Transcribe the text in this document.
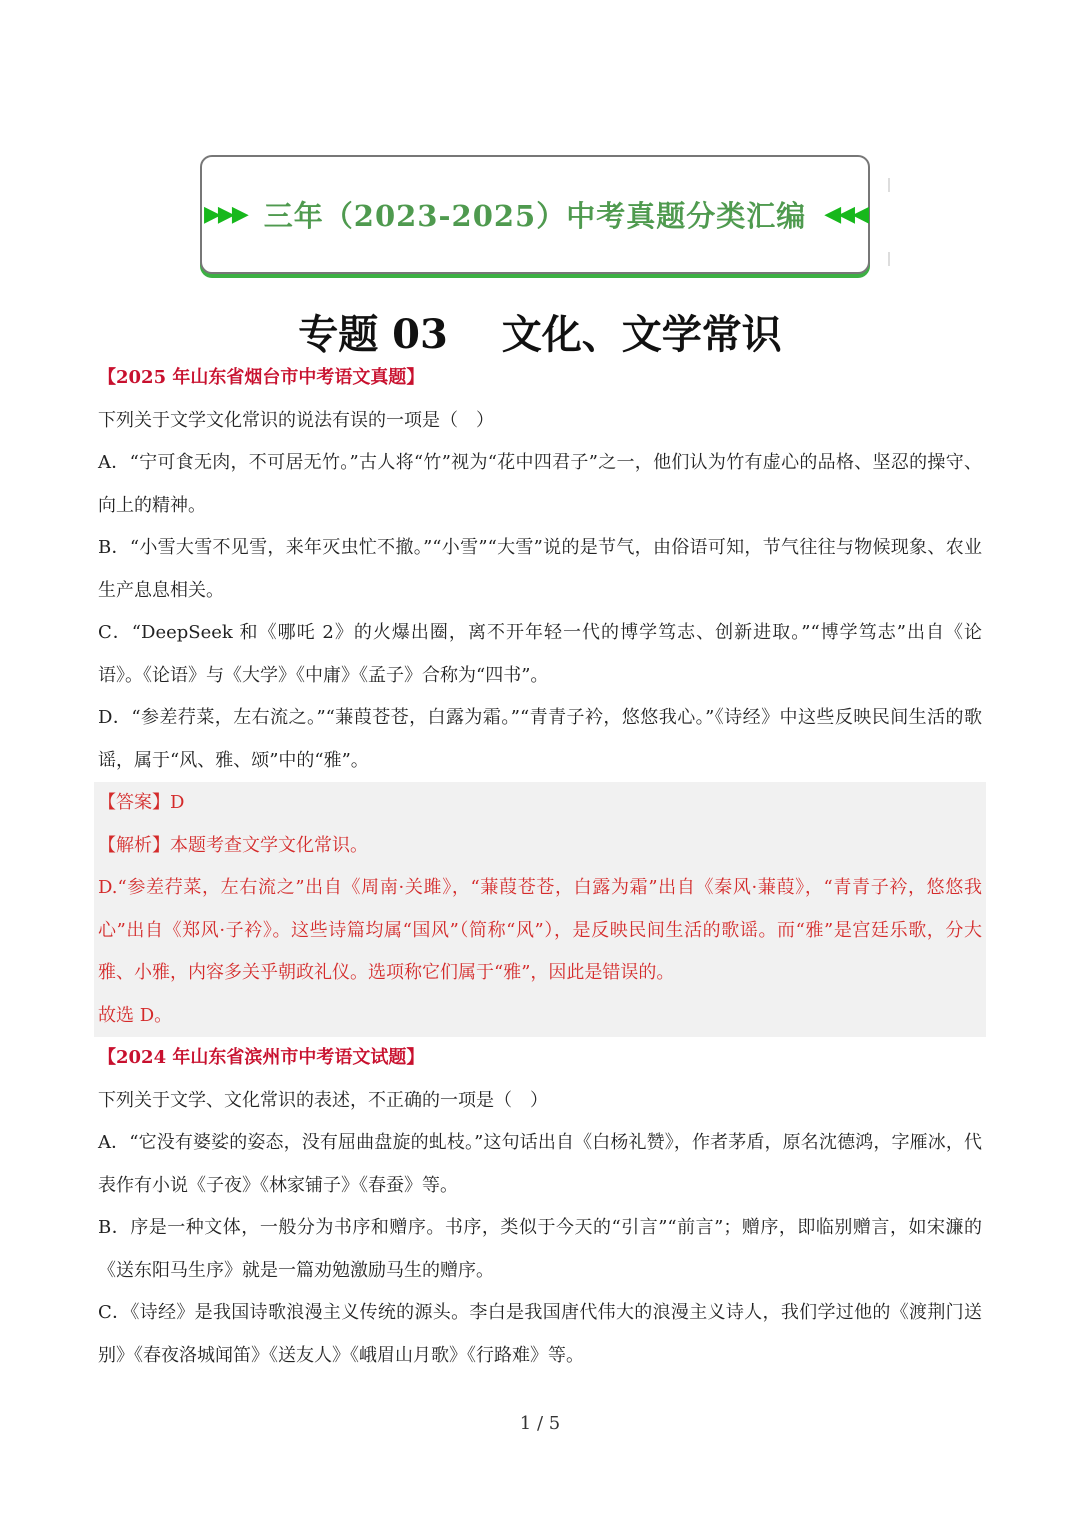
▶▶▶ 三年（2023-2025）中考真题分类汇编 ◀◀◀
专题 03　 文化、文学常识

【2025 年山东省烟台市中考语文真题】

下列关于文学文化常识的说法有误的一项是（　）

A．“宁可食无肉，不可居无竹。”古人将“竹”视为“花中四君子”之一，他们认为竹有虚心的品格、坚忍的操守、向上的精神。

B．“小雪大雪不见雪，来年灭虫忙不撤。”“小雪”“大雪”说的是节气，由俗语可知，节气往往与物候现象、农业生产息息相关。

C．“DeepSeek 和《哪吒 2》的火爆出圈，离不开年轻一代的博学笃志、创新进取。”“博学笃志”出自《论语》。《论语》与《大学》《中庸》《孟子》合称为“四书”。

D．“参差荇菜，左右流之。”“蒹葭苍苍，白露为霜。”“青青子衿，悠悠我心。”《诗经》中这些反映民间生活的歌谣，属于“风、雅、颂”中的“雅”。

【答案】D

【解析】本题考查文学文化常识。

D.“参差荇菜，左右流之”出自《周南·关雎》，“蒹葭苍苍，白露为霜”出自《秦风·蒹葭》，“青青子衿，悠悠我心”出自《郑风·子衿》。这些诗篇均属“国风”（简称“风”），是反映民间生活的歌谣。而“雅”是宫廷乐歌，分大雅、小雅，内容多关乎朝政礼仪。选项称它们属于“雅”，因此是错误的。

故选 D。

【2024 年山东省滨州市中考语文试题】

下列关于文学、文化常识的表述，不正确的一项是（　）

A．“它没有婆娑的姿态，没有屈曲盘旋的虬枝。”这句话出自《白杨礼赞》，作者茅盾，原名沈德鸿，字雁冰，代表作有小说《子夜》《林家铺子》《春蚕》等。

B．序是一种文体，一般分为书序和赠序。书序，类似于今天的“引言”“前言”；赠序，即临别赠言，如宋濂的《送东阳马生序》就是一篇劝勉激励马生的赠序。

C．《诗经》是我国诗歌浪漫主义传统的源头。李白是我国唐代伟大的浪漫主义诗人，我们学过他的《渡荆门送别》《春夜洛城闻笛》《送友人》《峨眉山月歌》《行路难》等。

1 / 5
